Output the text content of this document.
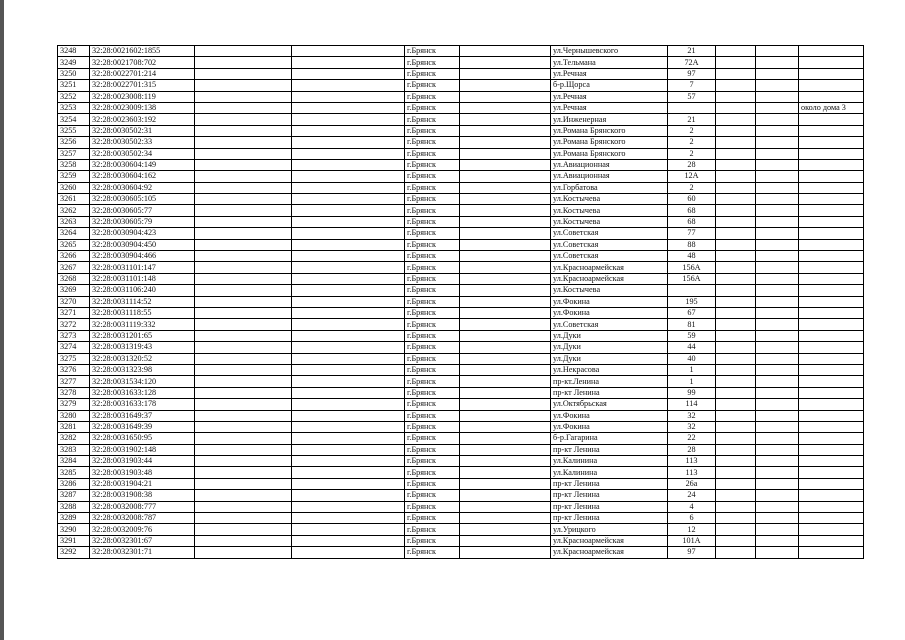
3248	32:28:0021602:1855			г.Брянск		ул.Чернышевского	21			
3249	32:28:0021708:702			г.Брянск		ул.Тельмана	72А			
3250	32:28:0022701:214			г.Брянск		ул.Речная	97			
3251	32:28:0022701:315			г.Брянск		б-р.Щорса	7			
3252	32:28:0023008:119			г.Брянск		ул.Речная	57			
3253	32:28:0023009:138			г.Брянск		ул.Речная				около дома 3
3254	32:28:0023603:192			г.Брянск		ул.Инженерная	21			
3255	32:28:0030502:31			г.Брянск		ул.Романа Брянского	2			
3256	32:28:0030502:33			г.Брянск		ул.Романа Брянского	2			
3257	32:28:0030502:34			г.Брянск		ул.Романа Брянского	2			
3258	32:28:0030604:149			г.Брянск		ул.Авиационная	28			
3259	32:28:0030604:162			г.Брянск		ул.Авиационная	12А			
3260	32:28:0030604:92			г.Брянск		ул.Горбатова	2			
3261	32:28:0030605:105			г.Брянск		ул.Костычева	60			
3262	32:28:0030605:77			г.Брянск		ул.Костычева	68			
3263	32:28:0030605:79			г.Брянск		ул.Костычева	68			
3264	32:28:0030904:423			г.Брянск		ул.Советская	77			
3265	32:28:0030904:450			г.Брянск		ул.Советская	88			
3266	32:28:0030904:466			г.Брянск		ул.Советская	48			
3267	32:28:0031101:147			г.Брянск		ул.Красноармейская	156А			
3268	32:28:0031101:148			г.Брянск		ул.Красноармейская	156А			
3269	32:28:0031106:240			г.Брянск		ул.Костычева				
3270	32:28:0031114:52			г.Брянск		ул.Фокина	195			
3271	32:28:0031118:55			г.Брянск		ул.Фокина	67			
3272	32:28:0031119:332			г.Брянск		ул.Советская	81			
3273	32:28:0031201:65			г.Брянск		ул.Дуки	59			
3274	32:28:0031319:43			г.Брянск		ул.Дуки	44			
3275	32:28:0031320:52			г.Брянск		ул.Дуки	40			
3276	32:28:0031323:98			г.Брянск		ул.Некрасова	1			
3277	32:28:0031534:120			г.Брянск		пр-кт.Ленина	1			
3278	32:28:0031633:128			г.Брянск		пр-кт Ленина	99			
3279	32:28:0031633:178			г.Брянск		ул.Октябрьская	114			
3280	32:28:0031649:37			г.Брянск		ул.Фокина	32			
3281	32:28:0031649:39			г.Брянск		ул.Фокина	32			
3282	32:28:0031650:95			г.Брянск		б-р.Гагарина	22			
3283	32:28:0031902:148			г.Брянск		пр-кт Ленина	28			
3284	32:28:0031903:44			г.Брянск		ул.Калинина	113			
3285	32:28:0031903:48			г.Брянск		ул.Калинина	113			
3286	32:28:0031904:21			г.Брянск		пр-кт Ленина	26а			
3287	32:28:0031908:38			г.Брянск		пр-кт Ленина	24			
3288	32:28:0032008:777			г.Брянск		пр-кт Ленина	4			
3289	32:28:0032008:787			г.Брянск		пр-кт Ленина	6			
3290	32:28:0032009:76			г.Брянск		ул.Урицкого	12			
3291	32:28:0032301:67			г.Брянск		ул.Красноармейская	101А			
3292	32:28:0032301:71			г.Брянск		ул.Красноармейская	97			
